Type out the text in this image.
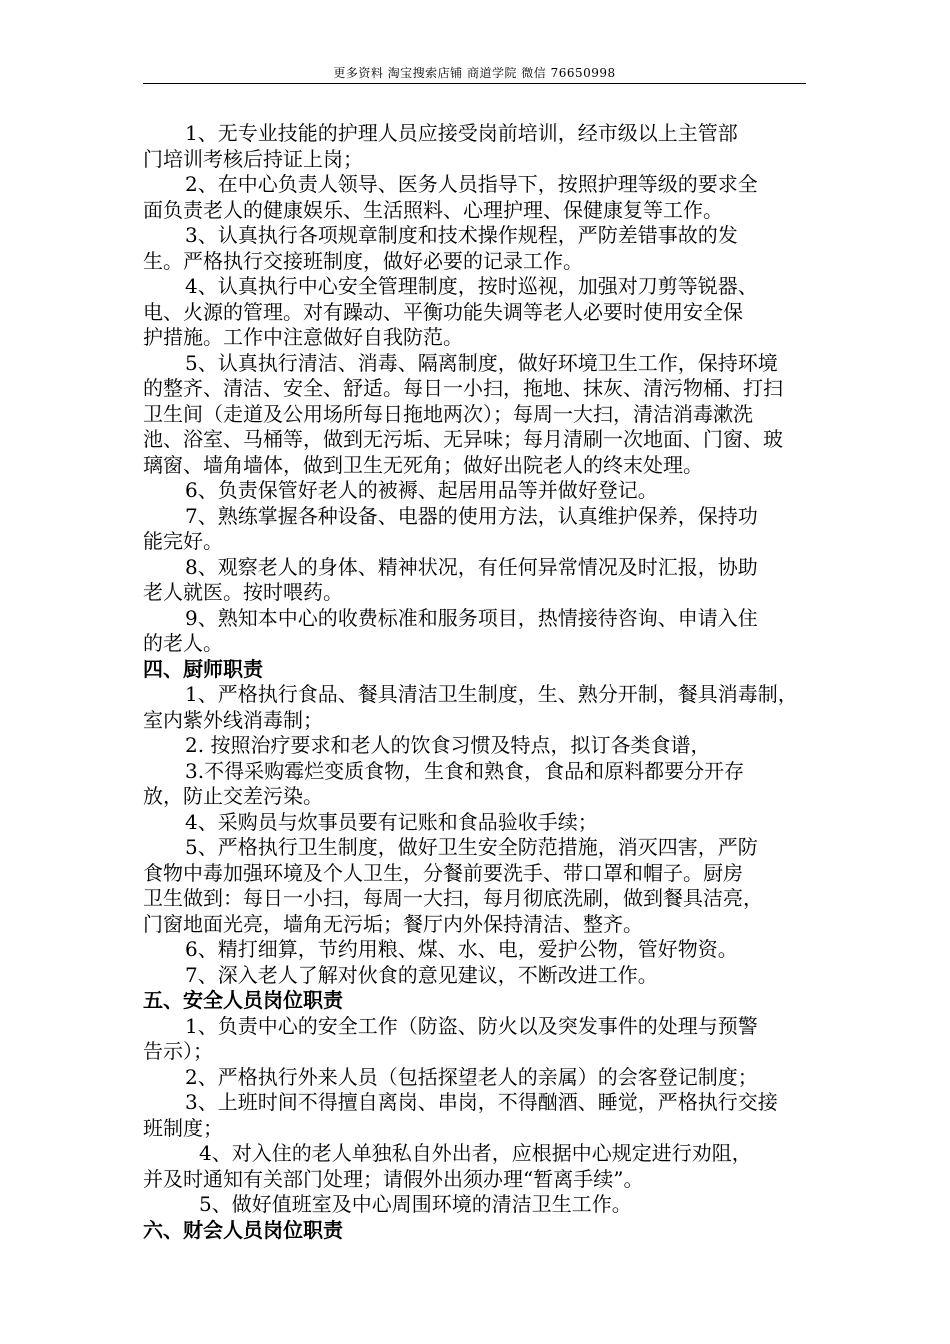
更多资料 淘宝搜索店铺 商道学院 微信 76650998
1、无专业技能的护理人员应接受岗前培训，经市级以上主管部
门培训考核后持证上岗；
2、在中心负责人领导、医务人员指导下，按照护理等级的要求全
面负责老人的健康娱乐、生活照料、心理护理、保健康复等工作。
3、认真执行各项规章制度和技术操作规程，严防差错事故的发
生。严格执行交接班制度，做好必要的记录工作。
4、认真执行中心安全管理制度，按时巡视，加强对刀剪等锐器、
电、火源的管理。对有躁动、平衡功能失调等老人必要时使用安全保
护措施。工作中注意做好自我防范。
5、认真执行清洁、消毒、隔离制度，做好环境卫生工作，保持环境
的整齐、清洁、安全、舒适。每日一小扫，拖地、抹灰、清污物桶、打扫
卫生间（走道及公用场所每日拖地两次）；每周一大扫，清洁消毒漱洗
池、浴室、马桶等，做到无污垢、无异味；每月清刷一次地面、门窗、玻
璃窗、墙角墙体，做到卫生无死角；做好出院老人的终末处理。
6、负责保管好老人的被褥、起居用品等并做好登记。
7、熟练掌握各种设备、电器的使用方法，认真维护保养，保持功
能完好。
8、观察老人的身体、精神状况，有任何异常情况及时汇报，协助
老人就医。按时喂药。
9、熟知本中心的收费标准和服务项目，热情接待咨询、申请入住
的老人。
四、厨师职责
1、严格执行食品、餐具清洁卫生制度，生、熟分开制，餐具消毒制，
室内紫外线消毒制；
2. 按照治疗要求和老人的饮食习惯及特点，拟订各类食谱，
3.不得采购霉烂变质食物，生食和熟食，食品和原料都要分开存
放，防止交差污染。
4、采购员与炊事员要有记账和食品验收手续；
5、严格执行卫生制度，做好卫生安全防范措施，消灭四害，严防
食物中毒加强环境及个人卫生，分餐前要洗手、带口罩和帽子。厨房
卫生做到：每日一小扫，每周一大扫，每月彻底洗刷，做到餐具洁亮，
门窗地面光亮，墙角无污垢；餐厅内外保持清洁、整齐。
6、精打细算，节约用粮、煤、水、电，爱护公物，管好物资。
7、深入老人了解对伙食的意见建议，不断改进工作。
五、安全人员岗位职责
1、负责中心的安全工作（防盗、防火以及突发事件的处理与预警
告示）；
2、严格执行外来人员（包括探望老人的亲属）的会客登记制度；
3、上班时间不得擅自离岗、串岗，不得酗酒、睡觉，严格执行交接
班制度；
4、对入住的老人单独私自外出者，应根据中心规定进行劝阻，
并及时通知有关部门处理；请假外出须办理“暂离手续”。
5、做好值班室及中心周围环境的清洁卫生工作。
六、财会人员岗位职责
